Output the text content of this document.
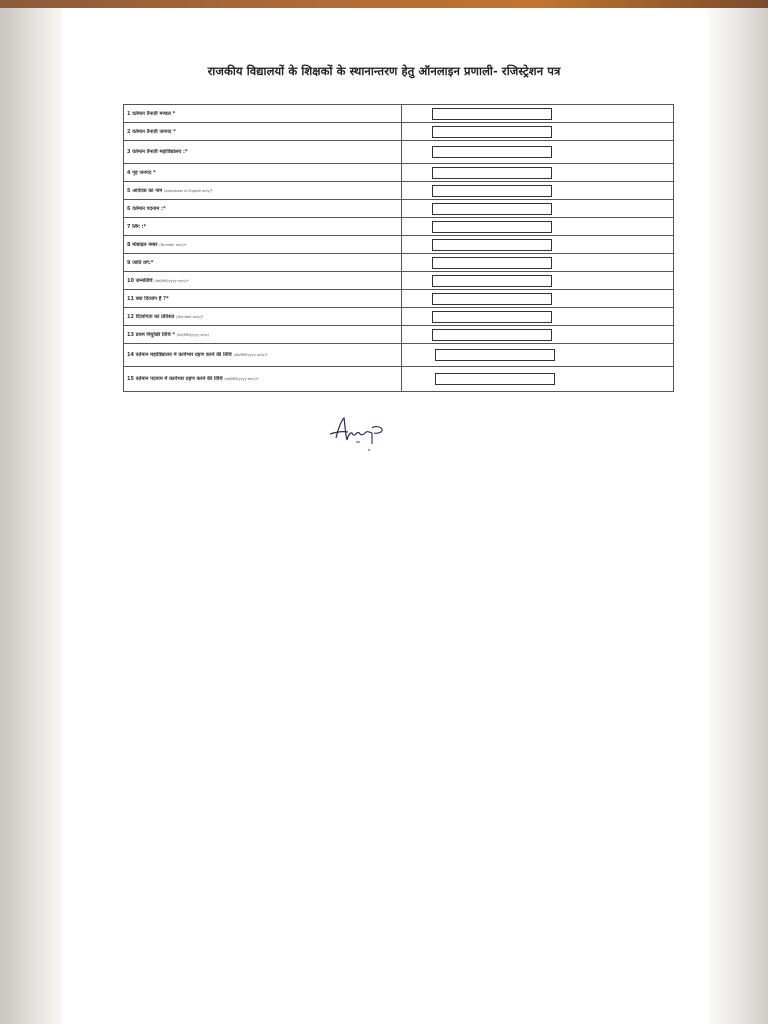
राजकीय विद्यालयों के शिक्षकों के स्थानान्तरण हेतु ऑनलाइन प्रणाली- रजिस्ट्रेशन पत्र
1 वर्तमान तैनाती मण्डल *	

2 वर्तमान तैनाती जनपद *	

3 वर्तमान तैनाती महाविद्यालय :*	

4 गृह जनपद *	

5 आवेदक का नाम (Alphabets in English only)*	

6 वर्तमान पदनाम :*	

7 लिंग :*	

8 मोबाइल नम्बर (Number only)*	

9 जाति वर्ग:*	

10 जन्मतिथि (dd/MM/yyyy only)*	

11 क्या दिव्यांग हैं ?*	

12 दिव्यांगता का प्रतिशत (Number only)*	

13 प्रथम नियुक्ति तिथि * (dd/MM/yyyy only)	

14 वर्तमान महाविद्यालय में कार्यभार ग्रहण करने की तिथि (dd/MM/yyyy only)*	

15 वर्तमान पदनाम में कार्यभार ग्रहण करने की तिथि (dd/MM/yyyy only)*	
